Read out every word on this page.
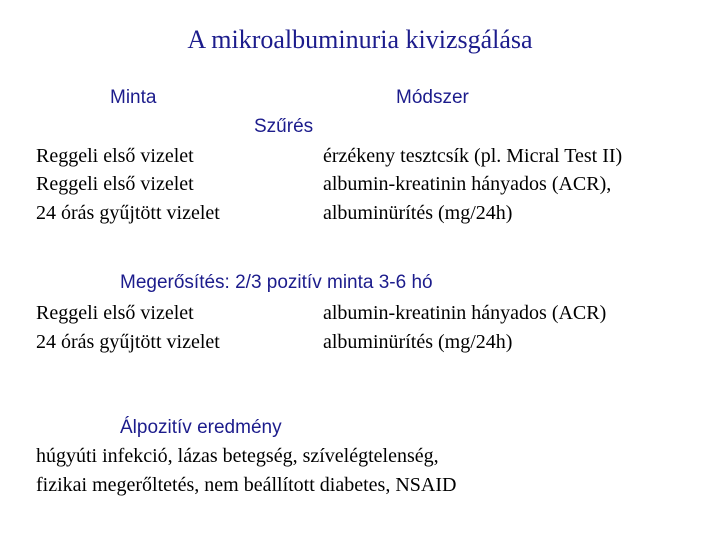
A mikroalbuminuria kivizsgálása
Minta	Módszer
Szűrés
Reggeli első vizelet	érzékeny tesztcsík (pl. Micral Test II)
Reggeli első vizelet	albumin-kreatinin hányados (ACR),
24 órás gyűjtött vizelet	albuminürítés (mg/24h)
Megerősítés: 2/3 pozitív minta 3-6 hó
Reggeli első vizelet	albumin-kreatinin hányados (ACR)
24 órás gyűjtött vizelet	albuminürítés (mg/24h)
Álpozitív eredmény
húgyúti infekció, lázas betegség, szívelégtelenség,
fizikai megerőltetés, nem beállított diabetes, NSAID
